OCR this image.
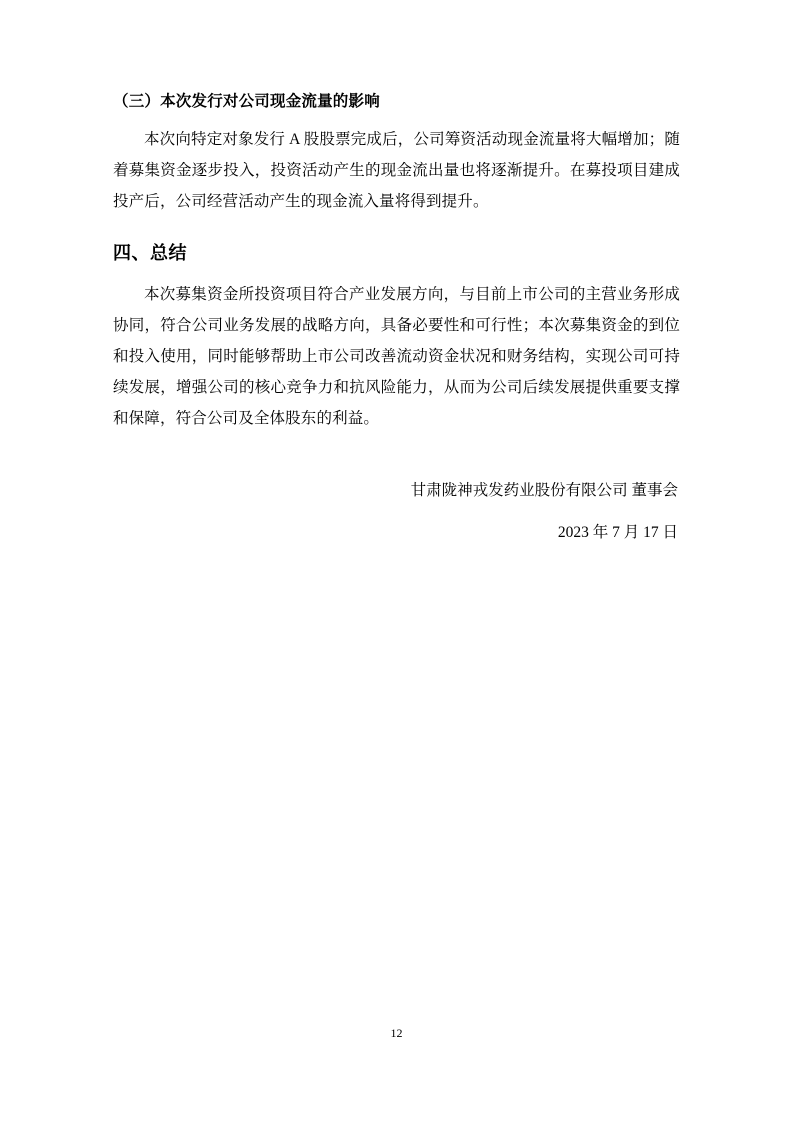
（三）本次发行对公司现金流量的影响

本次向特定对象发行 A 股股票完成后，公司筹资活动现金流量将大幅增加；随着募集资金逐步投入，投资活动产生的现金流出量也将逐渐提升。在募投项目建成投产后，公司经营活动产生的现金流入量将得到提升。

四、总结

本次募集资金所投资项目符合产业发展方向，与目前上市公司的主营业务形成协同，符合公司业务发展的战略方向，具备必要性和可行性；本次募集资金的到位和投入使用，同时能够帮助上市公司改善流动资金状况和财务结构，实现公司可持续发展，增强公司的核心竞争力和抗风险能力，从而为公司后续发展提供重要支撑和保障，符合公司及全体股东的利益。

甘肃陇神戎发药业股份有限公司 董事会
2023 年 7 月 17 日
12
